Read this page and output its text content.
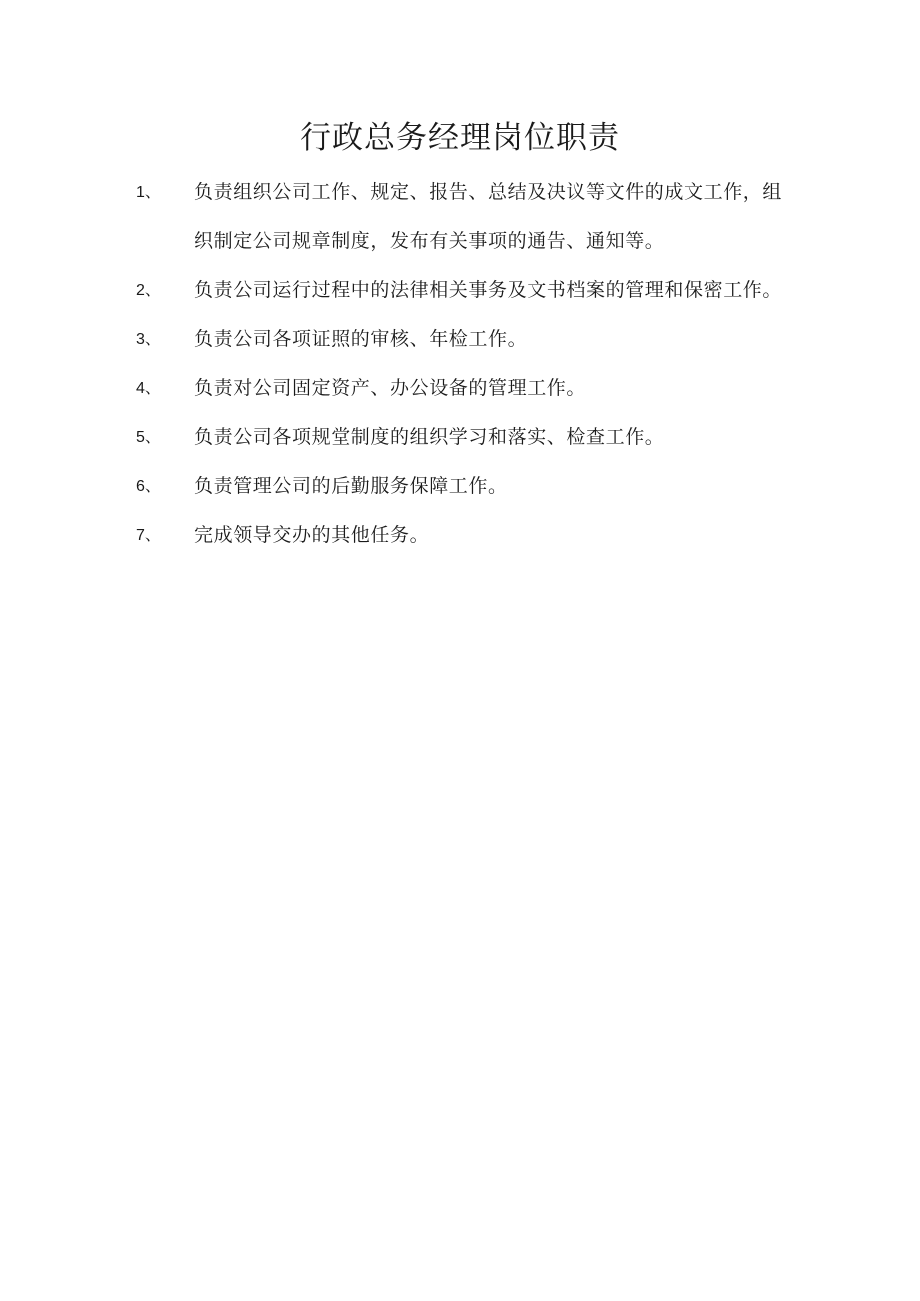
行政总务经理岗位职责
1、	负责组织公司工作、规定、报告、总结及决议等文件的成文工作，组织制定公司规章制度，发布有关事项的通告、通知等。
2、	负责公司运行过程中的法律相关事务及文书档案的管理和保密工作。
3、	负责公司各项证照的审核、年检工作。
4、	负责对公司固定资产、办公设备的管理工作。
5、	负责公司各项规堂制度的组织学习和落实、检查工作。
6、	负责管理公司的后勤服务保障工作。
7、	完成领导交办的其他任务。
